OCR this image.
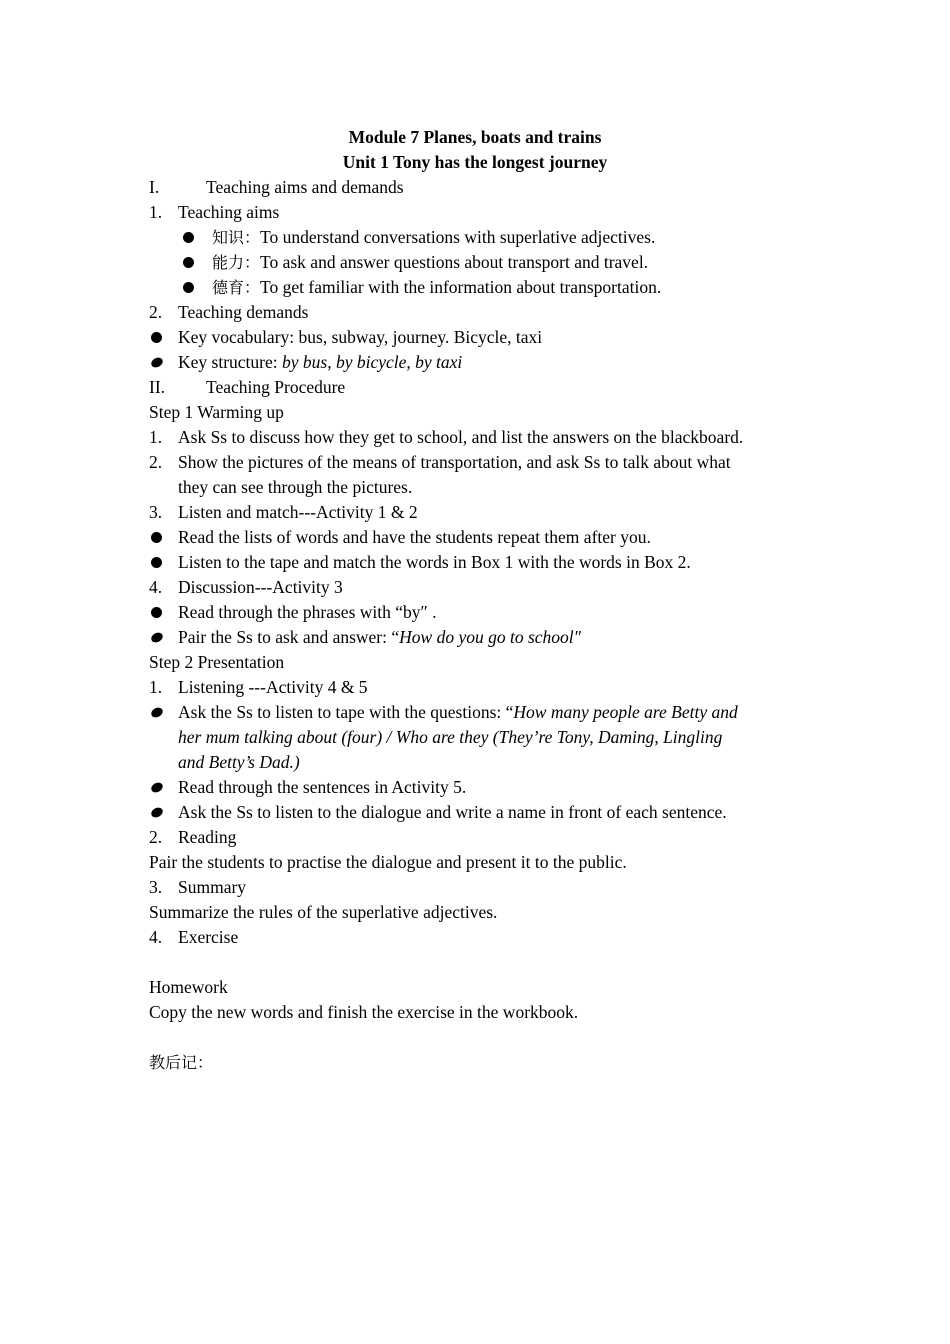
Module 7 Planes, boats and trains
Unit 1 Tony has the longest journey
I.	Teaching aims and demands
1. Teaching aims
知识：To understand conversations with superlative adjectives.
能力：To ask and answer questions about transport and travel.
德育：To get familiar with the information about transportation.
2. Teaching demands
Key vocabulary: bus, subway, journey. Bicycle, taxi
Key structure: by bus, by bicycle, by taxi
II. Teaching Procedure
Step 1 Warming up
1. Ask Ss to discuss how they get to school, and list the answers on the blackboard.
2. Show the pictures of the means of transportation, and ask Ss to talk about what
they can see through the pictures.
3. Listen and match---Activity 1 & 2
Read the lists of words and have the students repeat them after you.
Listen to the tape and match the words in Box 1 with the words in Box 2.
4. Discussion---Activity 3
Read through the phrases with “by″ .
Pair the Ss to ask and answer: “How do you go to school″
Step 2 Presentation
1. Listening ---Activity 4 & 5
Ask the Ss to listen to tape with the questions: “How many people are Betty and
her mum talking about (four) / Who are they (They’re Tony, Daming, Lingling
and Betty’s Dad.)
Read through the sentences in Activity 5.
Ask the Ss to listen to the dialogue and write a name in front of each sentence.
2. Reading
Pair the students to practise the dialogue and present it to the public.
3. Summary
Summarize the rules of the superlative adjectives.
4. Exercise
Homework
Copy the new words and finish the exercise in the workbook.
教后记：
